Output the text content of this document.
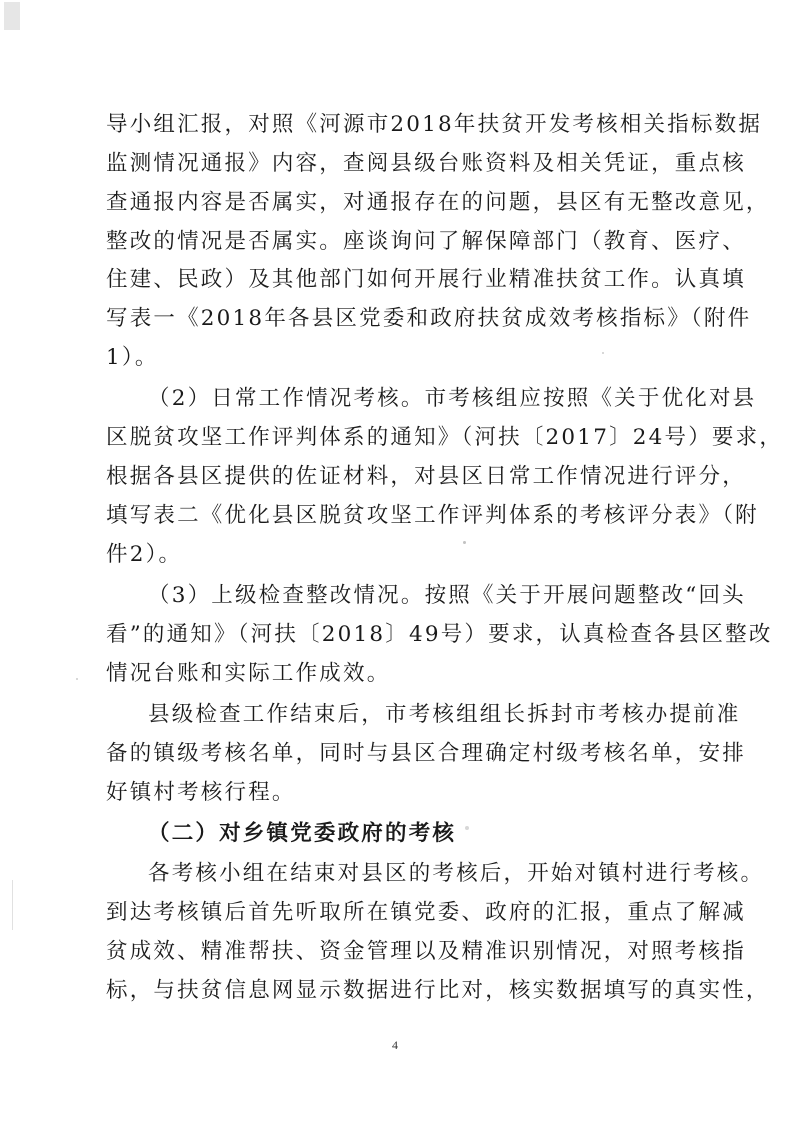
导小组汇报，对照《河源市2018年扶贫开发考核相关指标数据
监测情况通报》内容，查阅县级台账资料及相关凭证，重点核
查通报内容是否属实，对通报存在的问题，县区有无整改意见，
整改的情况是否属实。座谈询问了解保障部门（教育、医疗、
住建、民政）及其他部门如何开展行业精准扶贫工作。认真填
写表一《2018年各县区党委和政府扶贫成效考核指标》（附件
1）。
（2）日常工作情况考核。市考核组应按照《关于优化对县
区脱贫攻坚工作评判体系的通知》（河扶〔2017〕24号）要求，
根据各县区提供的佐证材料，对县区日常工作情况进行评分，
填写表二《优化县区脱贫攻坚工作评判体系的考核评分表》（附
件2）。
（3）上级检查整改情况。按照《关于开展问题整改“回头
看”的通知》（河扶〔2018〕49号）要求，认真检查各县区整改
情况台账和实际工作成效。
县级检查工作结束后，市考核组组长拆封市考核办提前准
备的镇级考核名单，同时与县区合理确定村级考核名单，安排
好镇村考核行程。
（二）对乡镇党委政府的考核
各考核小组在结束对县区的考核后，开始对镇村进行考核。
到达考核镇后首先听取所在镇党委、政府的汇报，重点了解减
贫成效、精准帮扶、资金管理以及精准识别情况，对照考核指
标，与扶贫信息网显示数据进行比对，核实数据填写的真实性，
4
